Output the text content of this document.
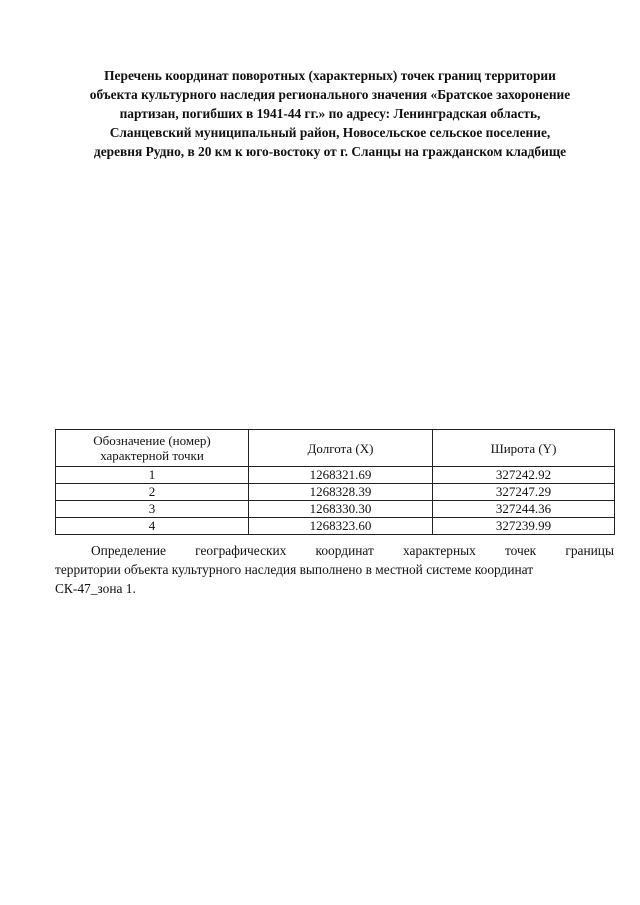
Перечень координат поворотных (характерных) точек границ территории
объекта культурного наследия регионального значения «Братское захоронение
партизан, погибших в 1941-44 гг.» по адресу: Ленинградская область,
Сланцевский муниципальный район, Новосельское сельское поселение,
деревня Рудно, в 20 км к юго-востоку от г. Сланцы на гражданском кладбище
Обозначение (номер)
характерной точки	Долгота (X)	Широта (Y)
1	1268321.69	327242.92
2	1268328.39	327247.29
3	1268330.30	327244.36
4	1268323.60	327239.99
Определение географических координат характерных точек границы
территории объекта культурного наследия выполнено в местной системе координат
СК-47_зона 1.
